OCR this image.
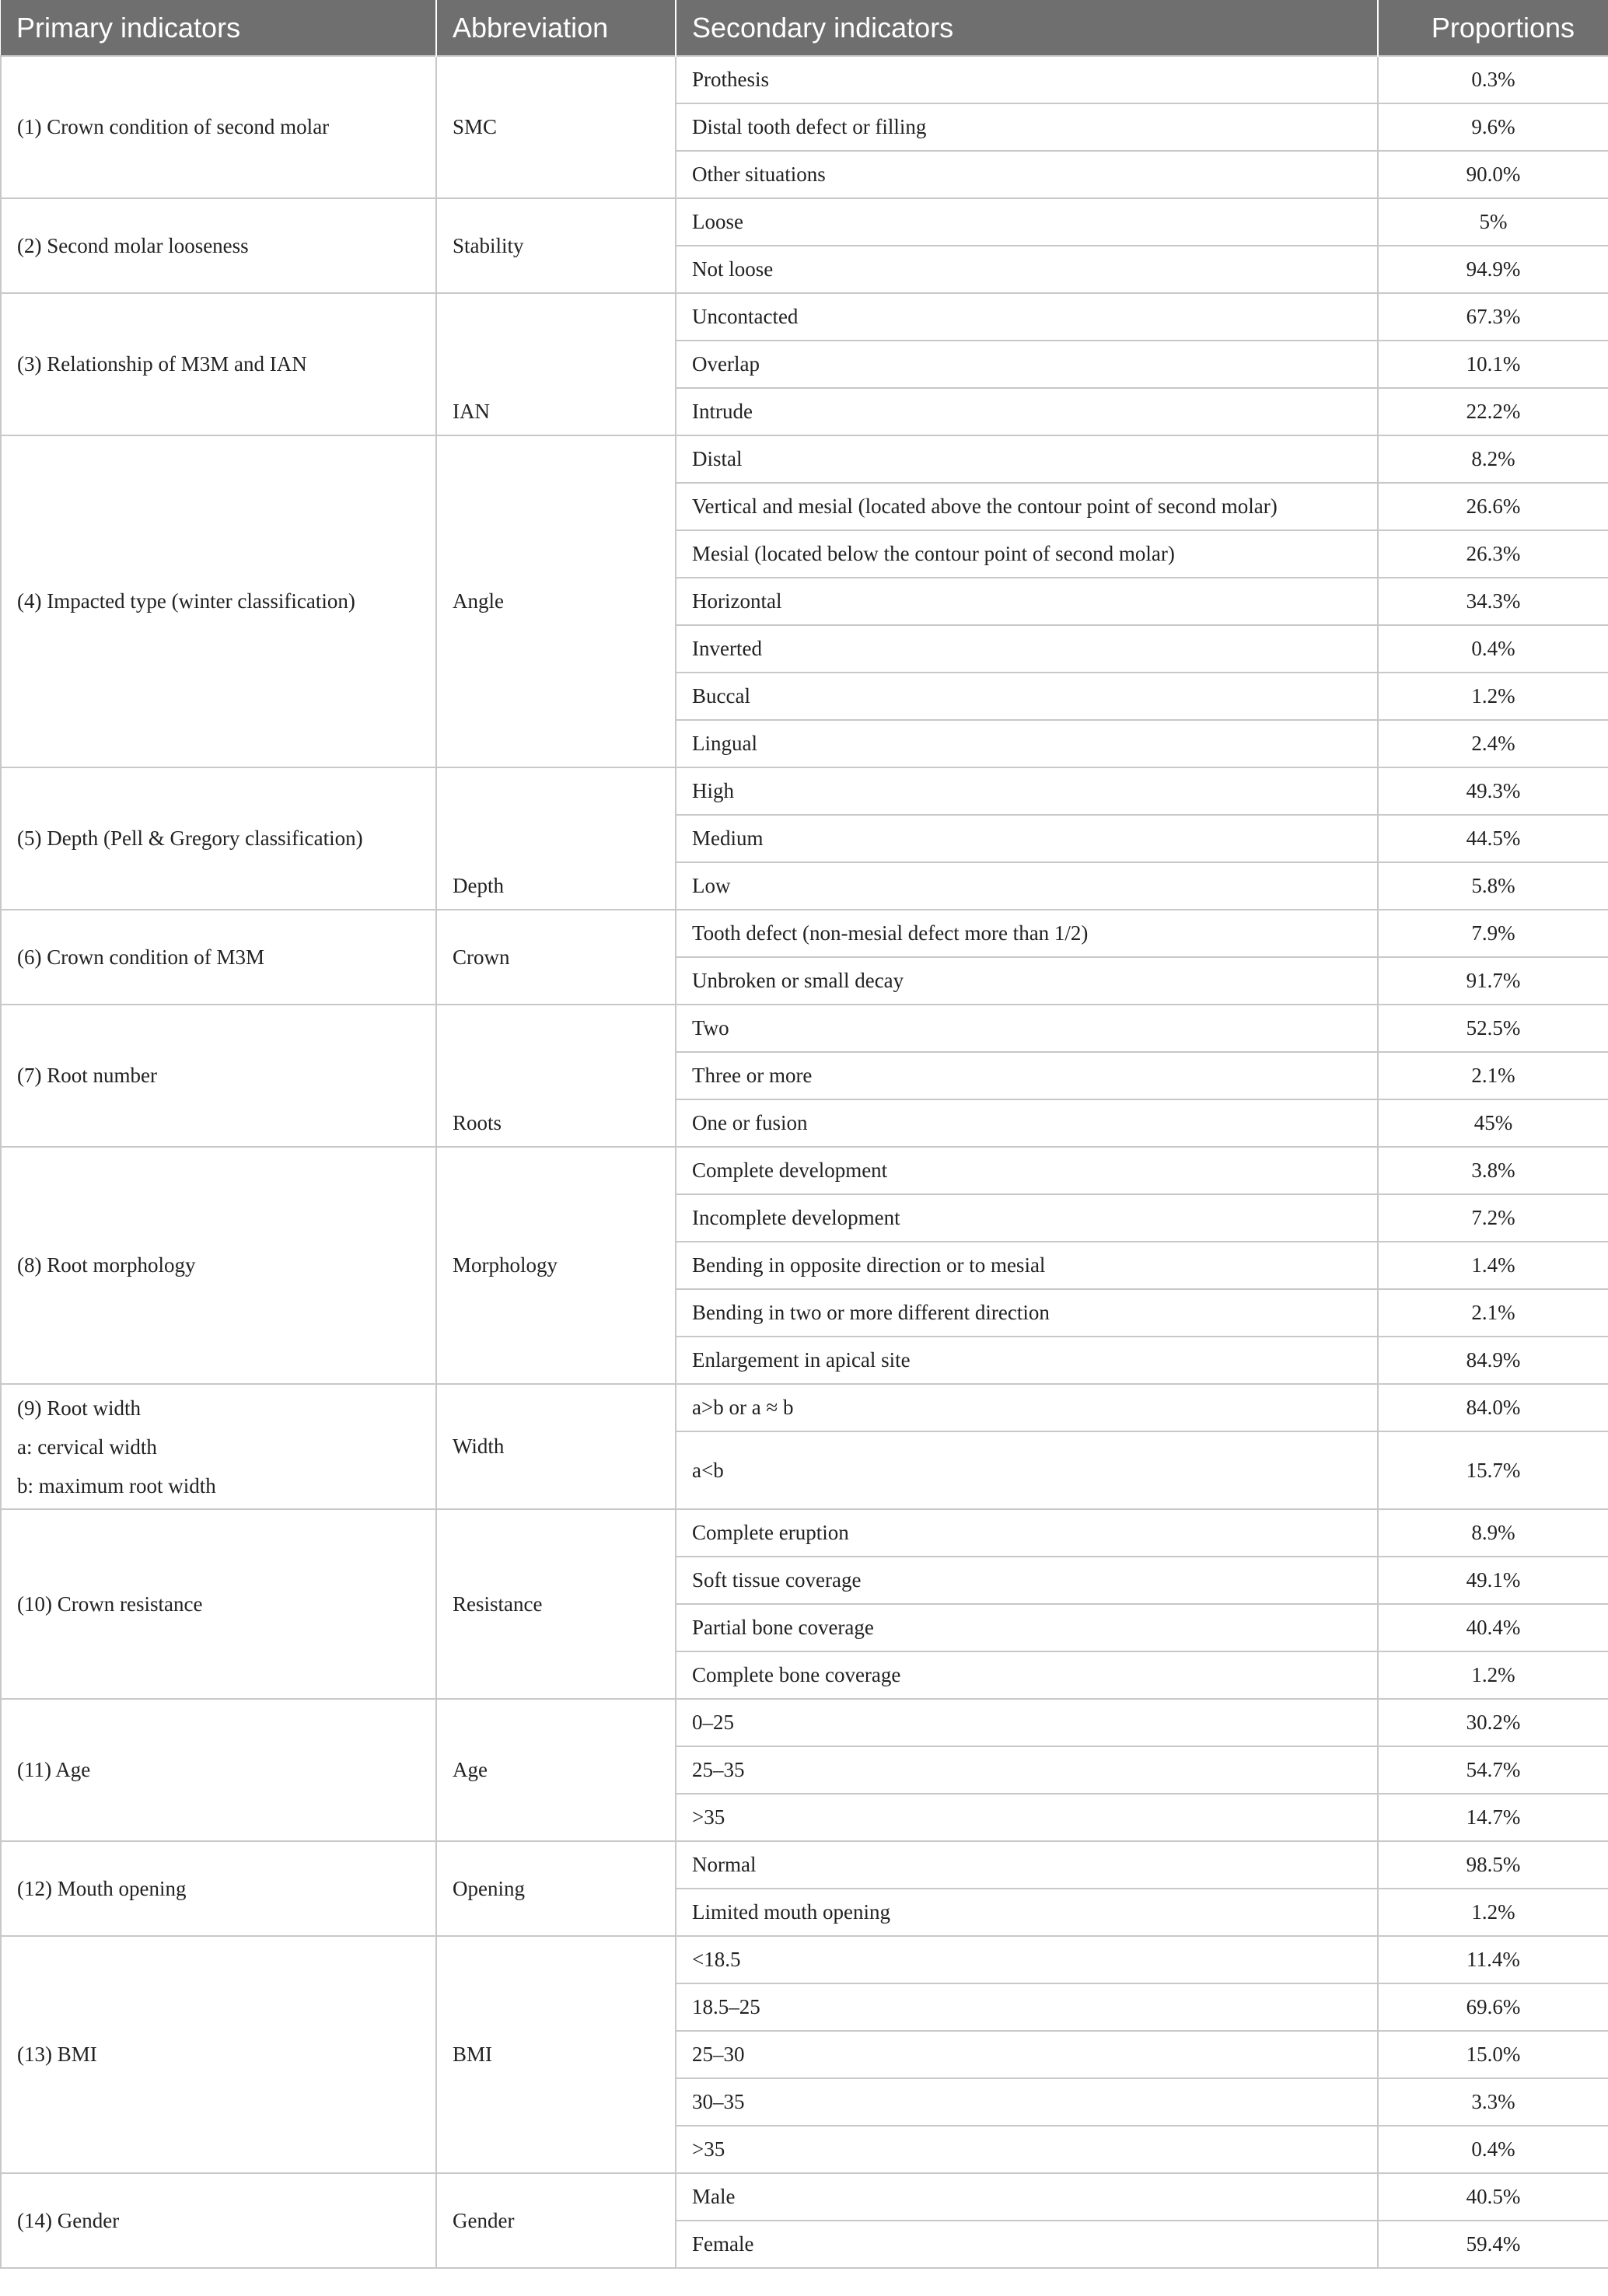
Primary indicators	Abbreviation	Secondary indicators	Proportions
(1) Crown condition of second molar	SMC	Prothesis	0.3%
		Distal tooth defect or filling	9.6%
		Other situations	90.0%
(2) Second molar looseness	Stability	Loose	5%
		Not loose	94.9%
(3) Relationship of M3M and IAN	IAN	Uncontacted	67.3%
		Overlap	10.1%
		Intrude	22.2%
(4) Impacted type (winter classification)	Angle	Distal	8.2%
		Vertical and mesial (located above the contour point of second molar)	26.6%
		Mesial (located below the contour point of second molar)	26.3%
		Horizontal	34.3%
		Inverted	0.4%
		Buccal	1.2%
		Lingual	2.4%
(5) Depth (Pell & Gregory classification)	Depth	High	49.3%
		Medium	44.5%
		Low	5.8%
(6) Crown condition of M3M	Crown	Tooth defect (non-mesial defect more than 1/2)	7.9%
		Unbroken or small decay	91.7%
(7) Root number	Roots	Two	52.5%
		Three or more	2.1%
		One or fusion	45%
(8) Root morphology	Morphology	Complete development	3.8%
		Incomplete development	7.2%
		Bending in opposite direction or to mesial	1.4%
		Bending in two or more different direction	2.1%
		Enlargement in apical site	84.9%

(9) Root width
a: cervical width
b: maximum root width	Width	a>b or a ≈ b	84.0%
		a<b	15.7%
(10) Crown resistance	Resistance	Complete eruption	8.9%
		Soft tissue coverage	49.1%
		Partial bone coverage	40.4%
		Complete bone coverage	1.2%
(11) Age	Age	0–25	30.2%
		25–35	54.7%
		>35	14.7%
(12) Mouth opening	Opening	Normal	98.5%
		Limited mouth opening	1.2%
(13) BMI	BMI	<18.5	11.4%
		18.5–25	69.6%
		25–30	15.0%
		30–35	3.3%
		>35	0.4%
(14) Gender	Gender	Male	40.5%
		Female	59.4%
